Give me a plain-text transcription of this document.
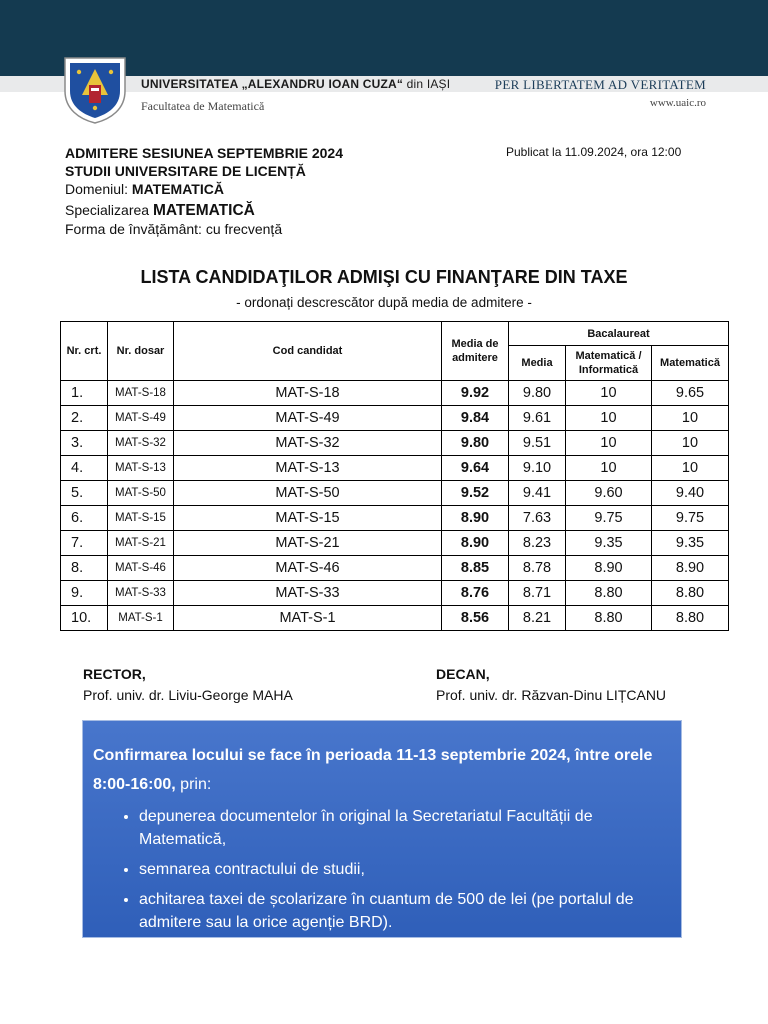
UNIVERSITATEA „ALEXANDRU IOAN CUZA“ din IAȘI	PER LIBERTATEM AD VERITATEM
Facultatea de Matematică	www.uaic.ro
ADMITERE SESIUNEA SEPTEMBRIE 2024
STUDII UNIVERSITARE DE LICENȚĂ
Domeniul: MATEMATICĂ
Specializarea MATEMATICĂ
Forma de învățământ: cu frecvență
Publicat la 11.09.2024, ora 12:00
LISTA CANDIDAŢILOR ADMIŞI CU FINANŢARE DIN TAXE
- ordonați descrescător după media de admitere -
Nr. crt.	Nr. dosar	Cod candidat	Media de admitere	Bacalaureat		
				Media	Matematică / Informatică	Matematică
1.	MAT-S-18	MAT-S-18	9.92	9.80	10	9.65
2.	MAT-S-49	MAT-S-49	9.84	9.61	10	10
3.	MAT-S-32	MAT-S-32	9.80	9.51	10	10
4.	MAT-S-13	MAT-S-13	9.64	9.10	10	10
5.	MAT-S-50	MAT-S-50	9.52	9.41	9.60	9.40
6.	MAT-S-15	MAT-S-15	8.90	7.63	9.75	9.75
7.	MAT-S-21	MAT-S-21	8.90	8.23	9.35	9.35
8.	MAT-S-46	MAT-S-46	8.85	8.78	8.90	8.90
9.	MAT-S-33	MAT-S-33	8.76	8.71	8.80	8.80
10.	MAT-S-1	MAT-S-1	8.56	8.21	8.80	8.80
RECTOR,
Prof. univ. dr. Liviu-George MAHA
DECAN,
Prof. univ. dr. Răzvan-Dinu LIȚCANU
Confirmarea locului se face în perioada 11-13 septembrie 2024, între orele 8:00-16:00, prin:
• depunerea documentelor în original la Secretariatul Facultății de Matematică,
• semnarea contractului de studii,
• achitarea taxei de școlarizare în cuantum de 500 de lei (pe portalul de admitere sau la orice agenție BRD).
